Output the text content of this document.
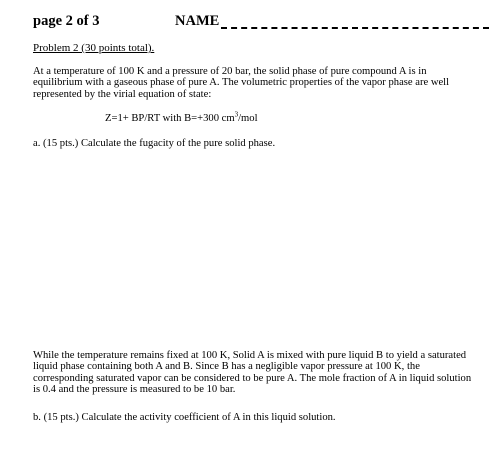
page 2 of 3	NAME
Problem 2 (30 points total).
At a temperature of 100 K and a pressure of 20 bar, the solid phase of pure compound A is in equilibrium with a gaseous phase of pure A. The volumetric properties of the vapor phase are well represented by the virial equation of state:
Z=1+ BP/RT with B=+300 $cm^3$/mol
a. (15 pts.) Calculate the fugacity of the pure solid phase.
While the temperature remains fixed at 100 K, Solid A is mixed with pure liquid B to yield a saturated liquid phase containing both A and B. Since B has a negligible vapor pressure at 100 K, the corresponding saturated vapor can be considered to be pure A. The mole fraction of A in liquid solution is 0.4 and the pressure is measured to be 10 bar.
b. (15 pts.) Calculate the activity coefficient of A in this liquid solution.
